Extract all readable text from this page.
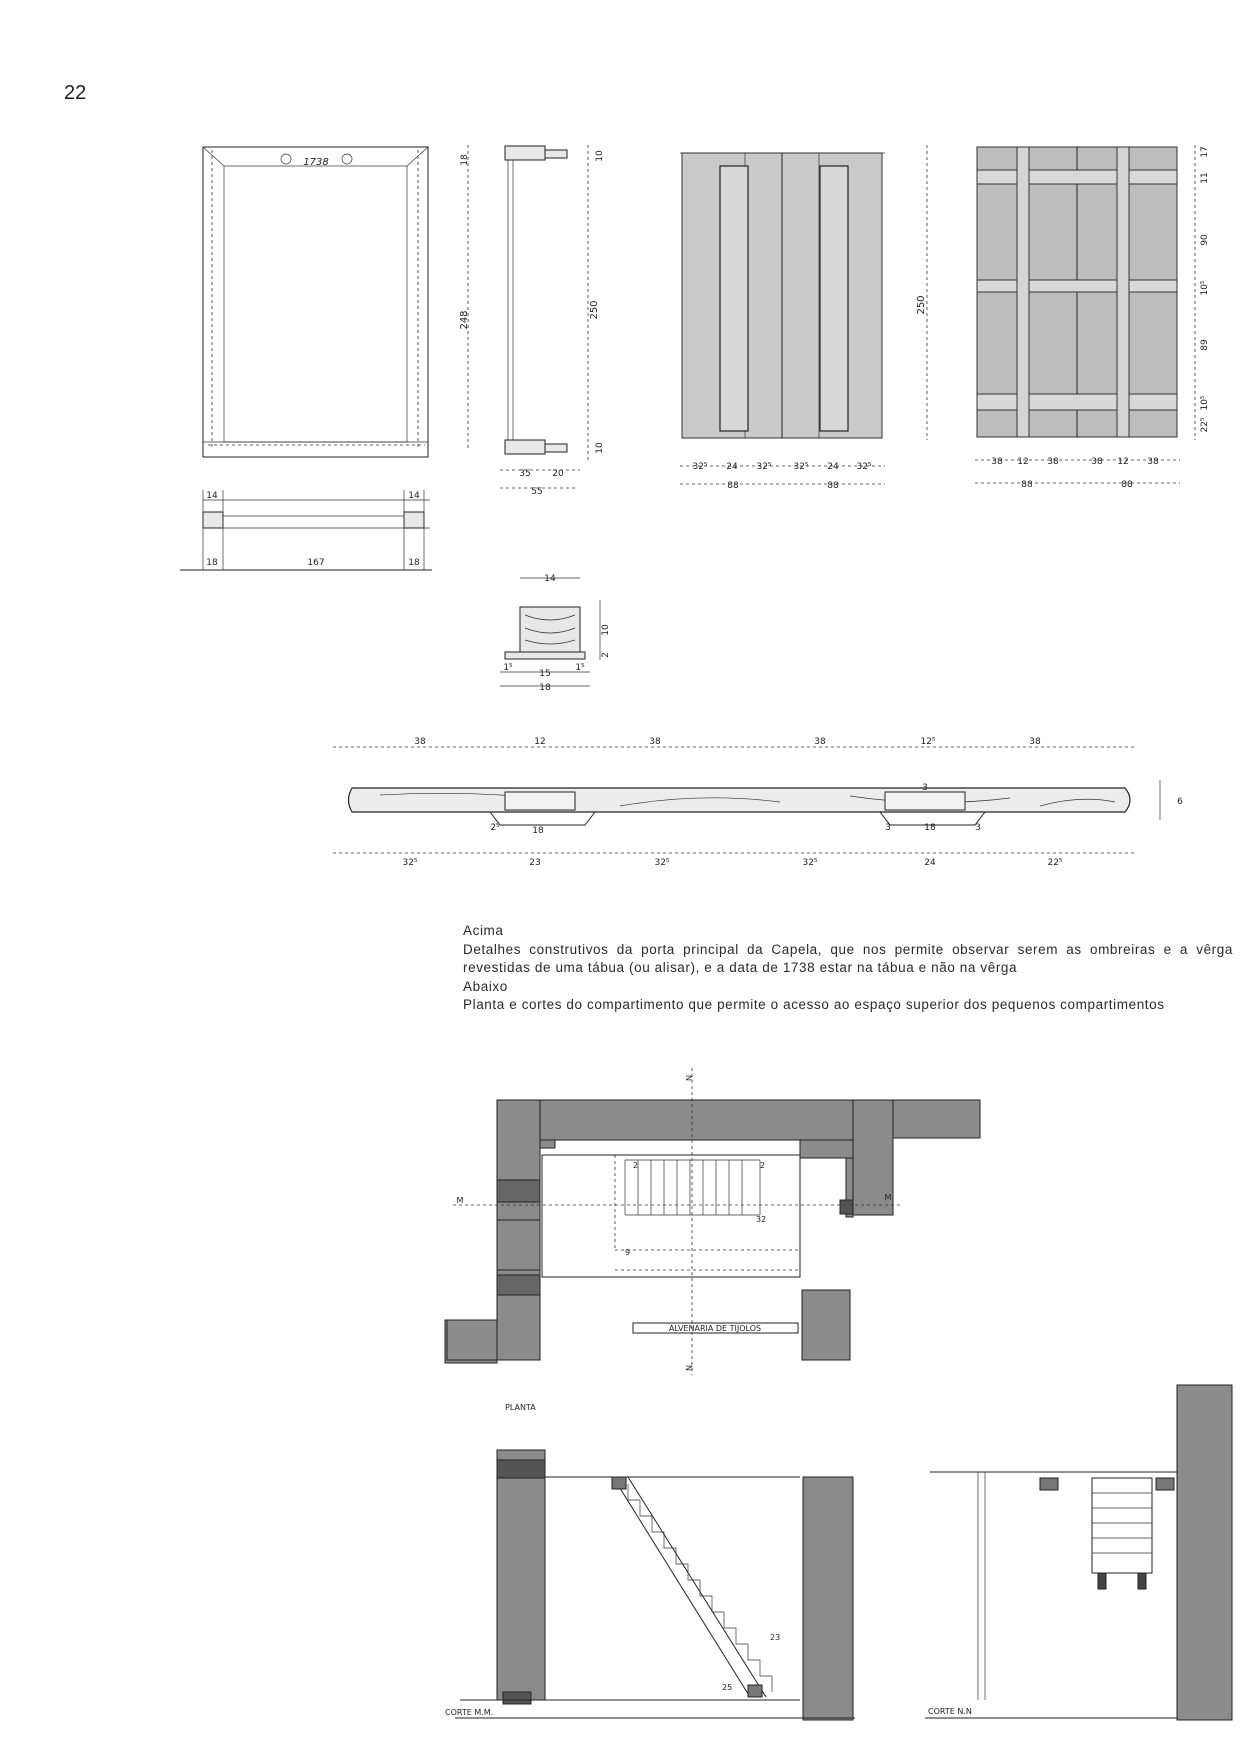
22
1738	18
248
14	14
18	167	18
10
250
10
35 20
55
250
32⁵ 24 32⁵ 32⁵ 24 32⁵
88	88
17
11
90
10⁵
89
10⁵
22⁵
38 12 38	38 12 38
88	88
14
10
2
1⁵
15
1⁵
18
38	12	38	38	12⁵	38
32⁵	23	32⁵	32⁵	24	22⁵
18
2⁵
3
18
3	3
6
ALVENARIA DE TIJOLOS
N
N
M	M
2	2
32
9
PLANTA
23
25
CORTE M.M.	CORTE N.N

Acima

Detalhes construtivos da porta principal da Capela, que nos permite observar serem as ombreiras e a vêrga revestidas de uma tábua (ou alisar), e a data de 1738 estar na tábua e não na vêrga

Abaixo

Planta e cortes do compartimento que permite o acesso ao espaço superior dos pequenos compartimentos
